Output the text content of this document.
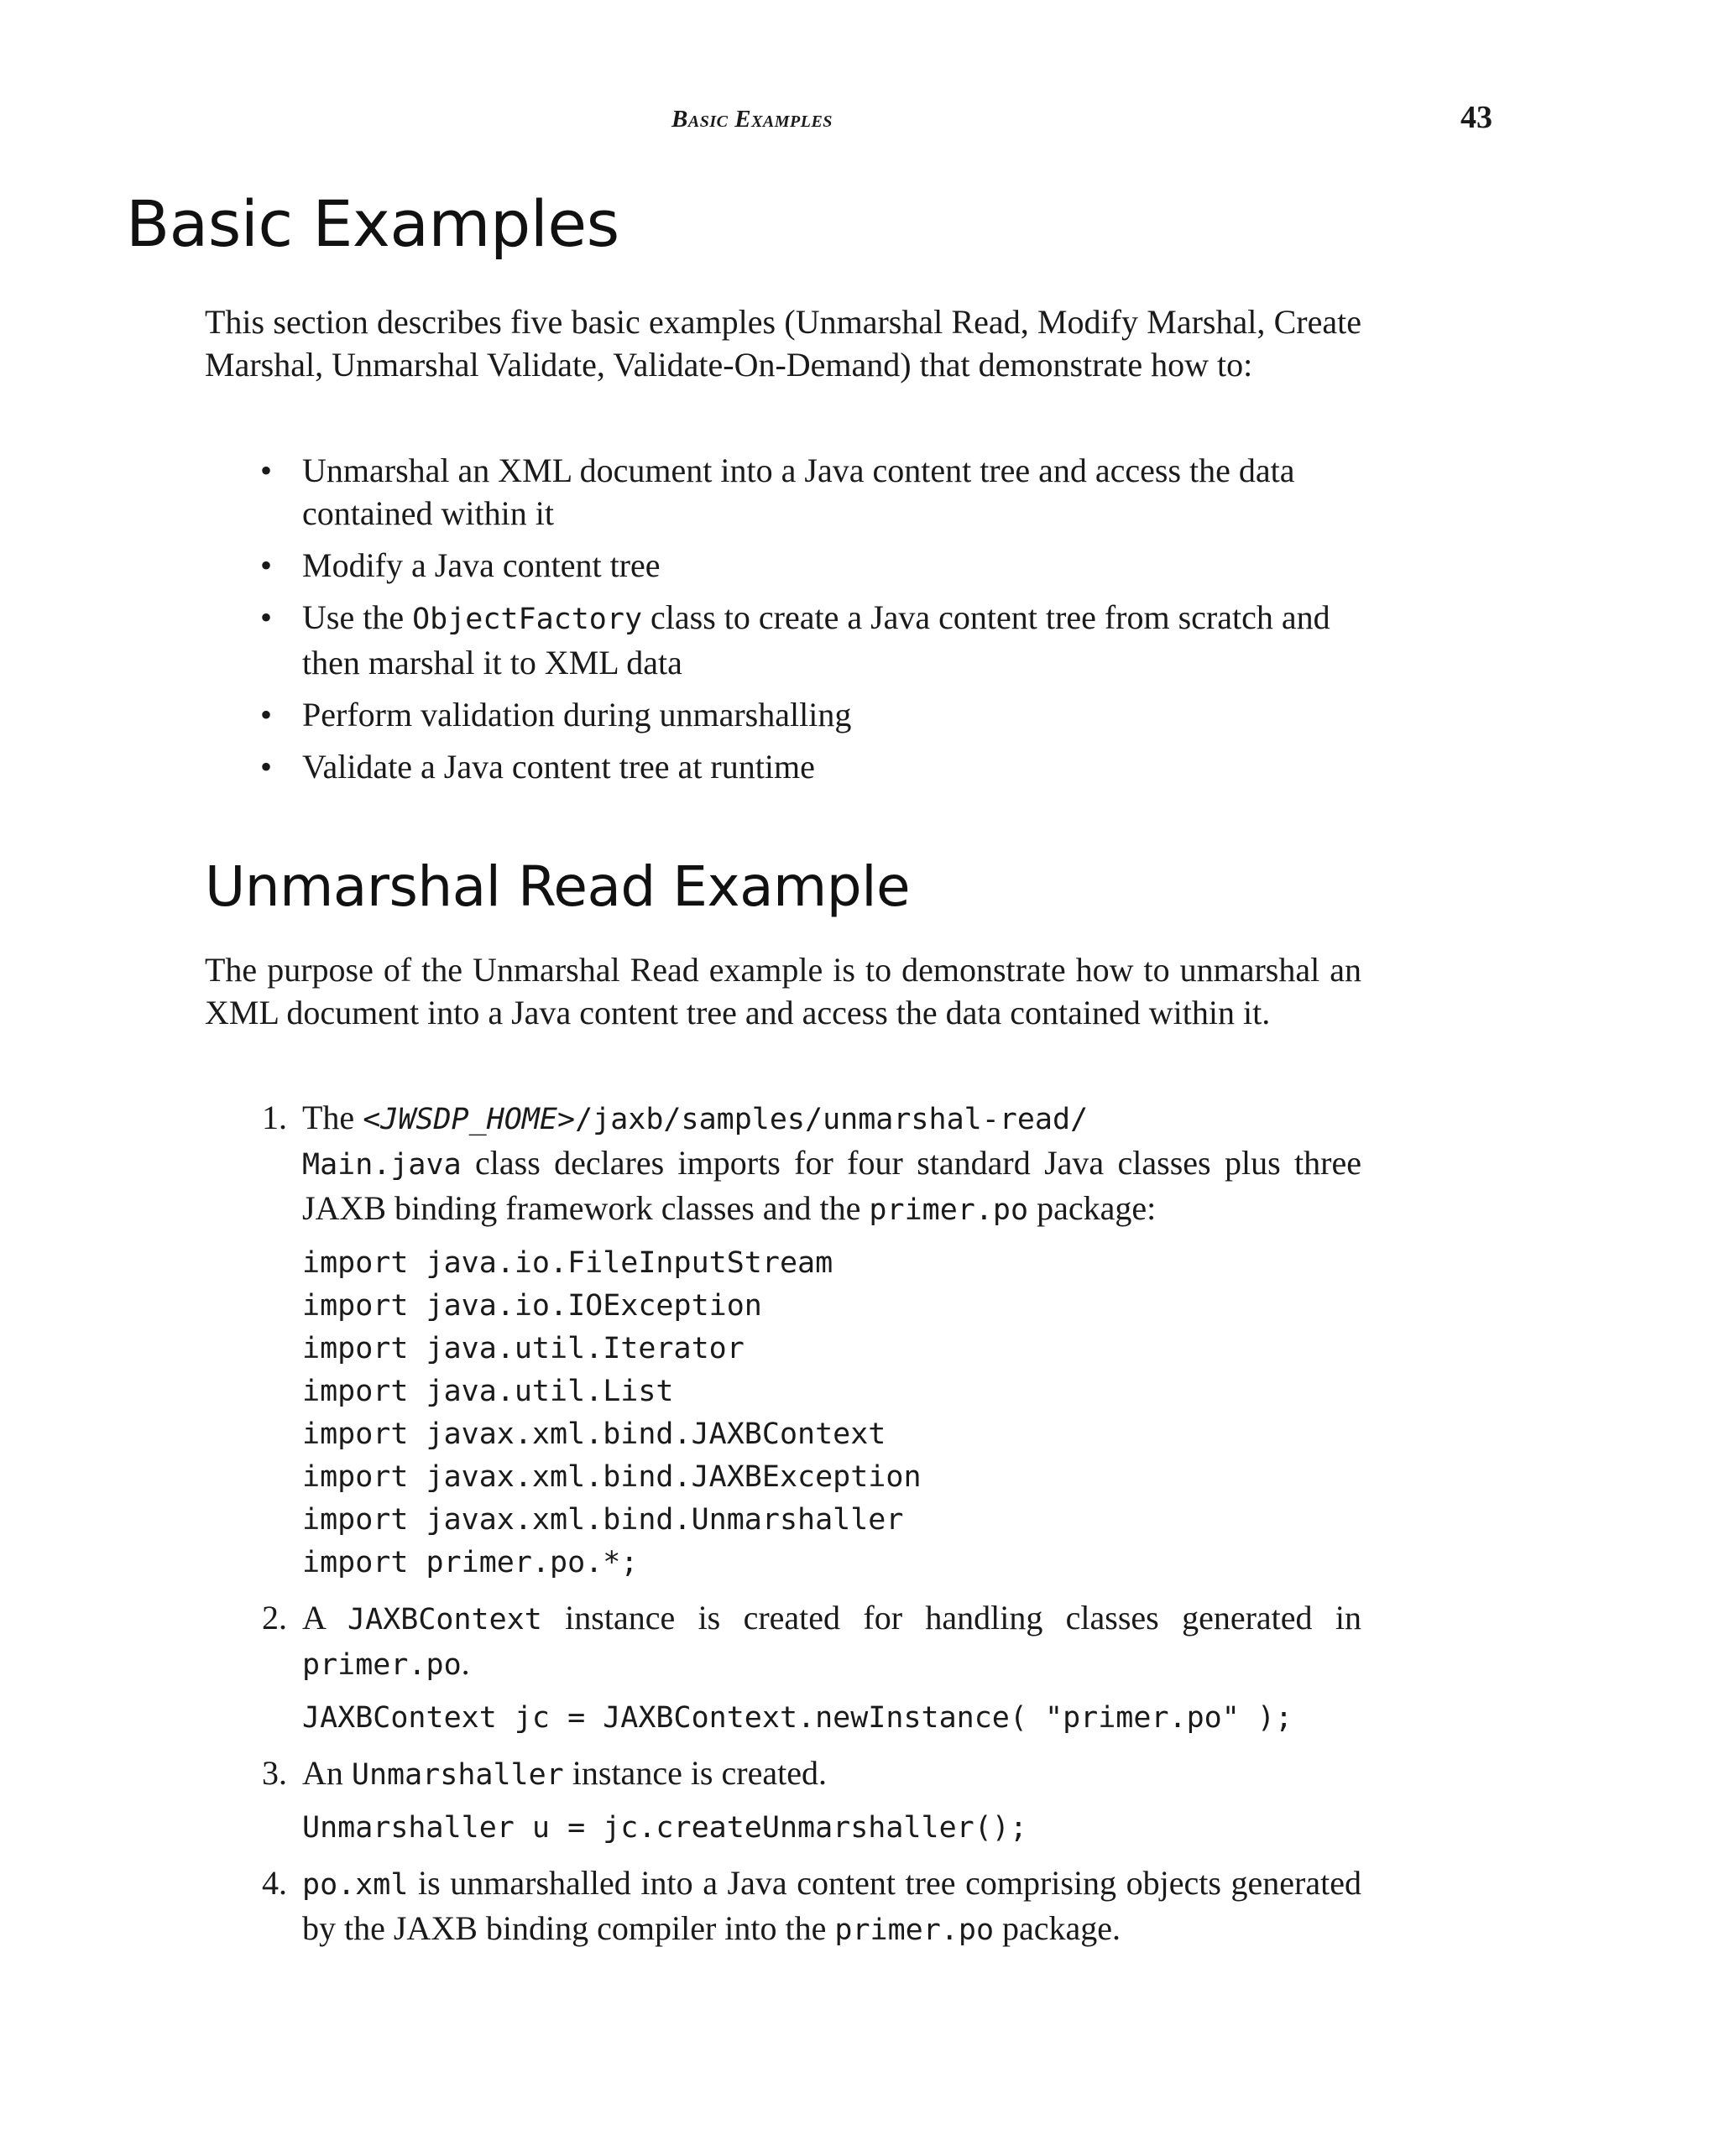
Basic Examples	43
Basic Examples

This section describes five basic examples (Unmarshal Read, Modify Marshal, Create Marshal, Unmarshal Validate, Validate-On-Demand) that demonstrate how to:

• Unmarshal an XML document into a Java content tree and access the data contained within it
• Modify a Java content tree
• Use the ObjectFactory class to create a Java content tree from scratch and then marshal it to XML data
• Perform validation during unmarshalling
• Validate a Java content tree at runtime
Unmarshal Read Example

The purpose of the Unmarshal Read example is to demonstrate how to unmarshal an XML document into a Java content tree and access the data contained within it.

1. The <JWSDP_HOME>/jaxb/samples/unmarshal-read/
Main.java class declares imports for four standard Java classes plus three JAXB binding framework classes and the primer.po package:
import java.io.FileInputStream
import java.io.IOException
import java.util.Iterator
import java.util.List
import javax.xml.bind.JAXBContext
import javax.xml.bind.JAXBException
import javax.xml.bind.Unmarshaller
import primer.po.*;
2. A JAXBContext instance is created for handling classes generated in primer.po.
JAXBContext jc = JAXBContext.newInstance( "primer.po" );
3. An Unmarshaller instance is created.
Unmarshaller u = jc.createUnmarshaller();
4. po.xml is unmarshalled into a Java content tree comprising objects generated by the JAXB binding compiler into the primer.po package.
